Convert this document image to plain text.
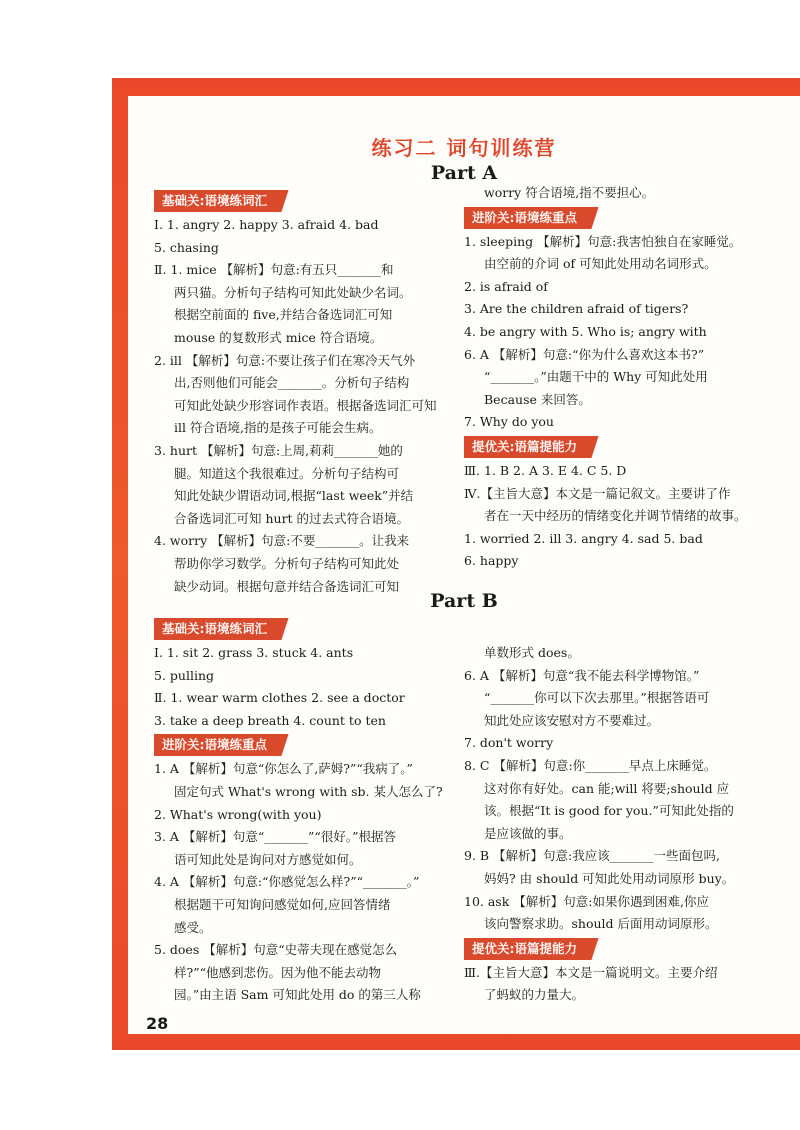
练习二 词句训练营
Part A
基础关:语境练词汇
Ⅰ. 1. angry 2. happy 3. afraid 4. bad
5. chasing
Ⅱ. 1. mice 【解析】句意:有五只_______和
两只猫。分析句子结构可知此处缺少名词。
根据空前面的 five,并结合备选词汇可知
mouse 的复数形式 mice 符合语境。
2. ill 【解析】句意:不要让孩子们在寒冷天气外
出,否则他们可能会_______。分析句子结构
可知此处缺少形容词作表语。根据备选词汇可知
ill 符合语境,指的是孩子可能会生病。
3. hurt 【解析】句意:上周,莉莉_______她的
腿。知道这个我很难过。分析句子结构可
知此处缺少谓语动词,根据“last week”并结
合备选词汇可知 hurt 的过去式符合语境。
4. worry 【解析】句意:不要_______。让我来
帮助你学习数学。分析句子结构可知此处
缺少动词。根据句意并结合备选词汇可知
worry 符合语境,指不要担心。
进阶关:语境练重点
1. sleeping 【解析】句意:我害怕独自在家睡觉。
由空前的介词 of 可知此处用动名词形式。
2. is afraid of
3. Are the children afraid of tigers?
4. be angry with 5. Who is; angry with
6. A 【解析】句意:“你为什么喜欢这本书?”
“_______。”由题干中的 Why 可知此处用
Because 来回答。
7. Why do you
提优关:语篇提能力
Ⅲ. 1. B 2. A 3. E 4. C 5. D
Ⅳ.【主旨大意】本文是一篇记叙文。主要讲了作
者在一天中经历的情绪变化并调节情绪的故事。
1. worried 2. ill 3. angry 4. sad 5. bad
6. happy
Part B
基础关:语境练词汇
Ⅰ. 1. sit 2. grass 3. stuck 4. ants
5. pulling
Ⅱ. 1. wear warm clothes 2. see a doctor
3. take a deep breath 4. count to ten
进阶关:语境练重点
1. A 【解析】句意“你怎么了,萨姆?”“我病了。”
固定句式 What's wrong with sb. 某人怎么了?
2. What's wrong(with you)
3. A 【解析】句意“_______”“很好。”根据答
语可知此处是询问对方感觉如何。
4. A 【解析】句意:“你感觉怎么样?”“_______。”
根据题干可知询问感觉如何,应回答情绪
感受。
5. does 【解析】句意“史蒂夫现在感觉怎么
样?”“他感到悲伤。因为他不能去动物
园。”由主语 Sam 可知此处用 do 的第三人称
单数形式 does。
6. A 【解析】句意“我不能去科学博物馆。”
“_______你可以下次去那里。”根据答语可
知此处应该安慰对方不要难过。
7. don't worry
8. C 【解析】句意:你_______早点上床睡觉。
这对你有好处。can 能;will 将要;should 应
该。根据“It is good for you.”可知此处指的
是应该做的事。
9. B 【解析】句意:我应该_______一些面包吗,
妈妈? 由 should 可知此处用动词原形 buy。
10. ask 【解析】句意:如果你遇到困难,你应
该向警察求助。should 后面用动词原形。
提优关:语篇提能力
Ⅲ.【主旨大意】本文是一篇说明文。主要介绍
了蚂蚁的力量大。
28
